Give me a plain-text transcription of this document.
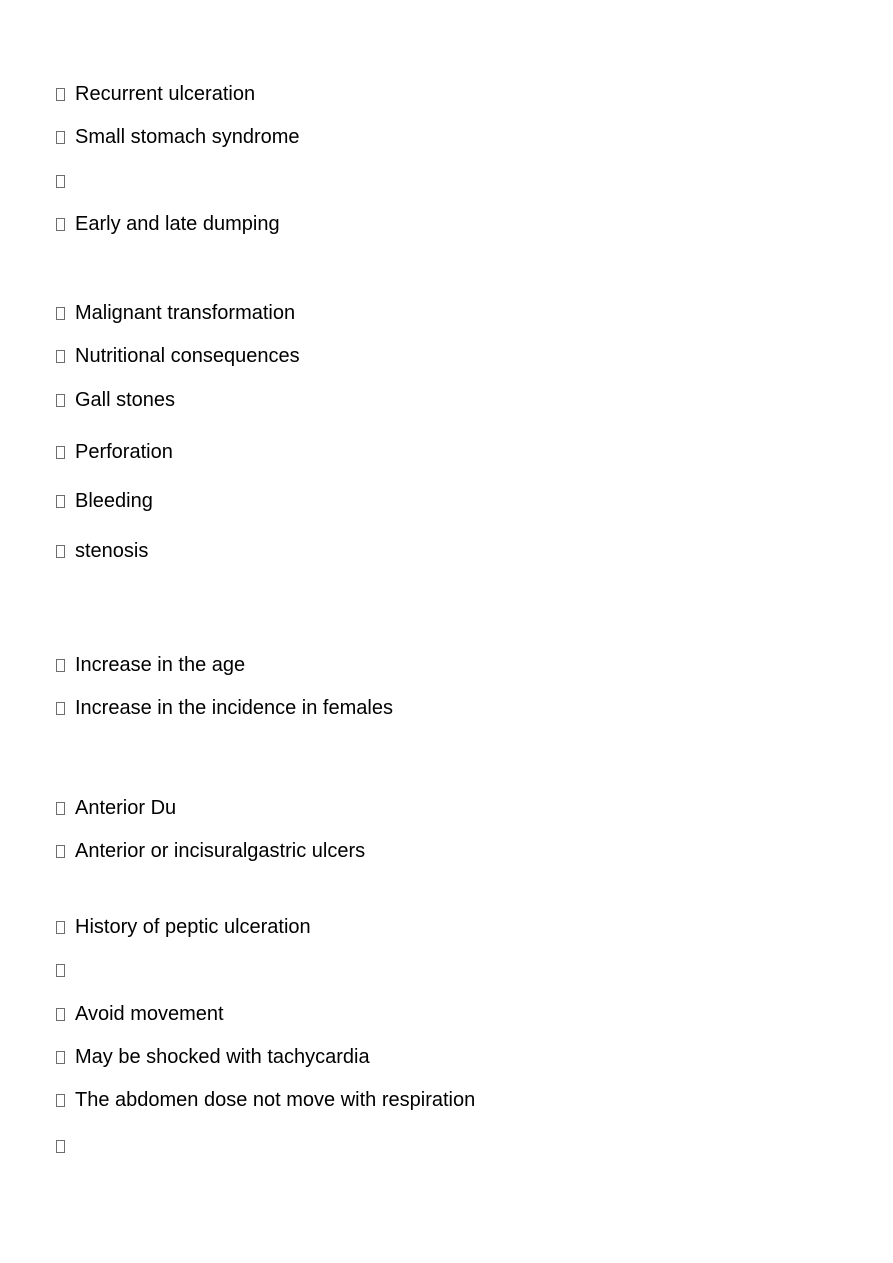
Recurrent ulceration
Small stomach syndrome
Early and late dumping
Malignant transformation
Nutritional consequences
Gall stones
Perforation
Bleeding
stenosis
Increase in the age
Increase in the incidence in females
Anterior Du
Anterior or incisuralgastric ulcers
History of peptic ulceration
Avoid movement
May be shocked with tachycardia
The abdomen dose not move with respiration
